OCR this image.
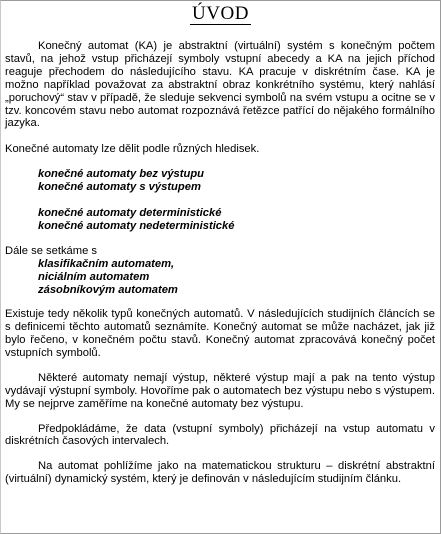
ÚVOD

Konečný automat (KA) je abstraktní (virtuální) systém s konečným počtem stavů, na jehož vstup přicházejí symboly vstupní abecedy a KA na jejich příchod reaguje přechodem do následujícího stavu. KA pracuje v diskrétním čase. KA je možno například považovat za abstraktní obraz konkrétního systému, který nahlásí „poruchový“ stav v případě, že sleduje sekvenci symbolů na svém vstupu a ocitne se v tzv. koncovém stavu nebo automat rozpoznává řetězce patřící do nějakého formálního jazyka.

Konečné automaty lze dělit podle různých hledisek.

konečné automaty bez výstupu
konečné automaty s výstupem
konečné automaty deterministické
konečné automaty nedeterministické

Dále se setkáme s

klasifikačním automatem,
niciálním automatem
zásobníkovým automatem

Existuje tedy několik typů konečných automatů. V následujících studijních článcích se s definicemi těchto automatů seznámíte. Konečný automat se může nacházet, jak již bylo řečeno, v konečném počtu stavů. Konečný automat zpracovává konečný počet vstupních symbolů.

Některé automaty nemají výstup, některé výstup mají a pak na tento výstup vydávají výstupní symboly. Hovoříme pak o automatech bez výstupu nebo s výstupem. My se nejprve zaměříme na konečné automaty bez výstupu.

Předpokládáme, že data (vstupní symboly) přicházejí na vstup automatu v diskrétních časových intervalech.

Na automat pohlížíme jako na matematickou strukturu – diskrétní abstraktní (virtuální) dynamický systém, který je definován v následujícím studijním článku.
